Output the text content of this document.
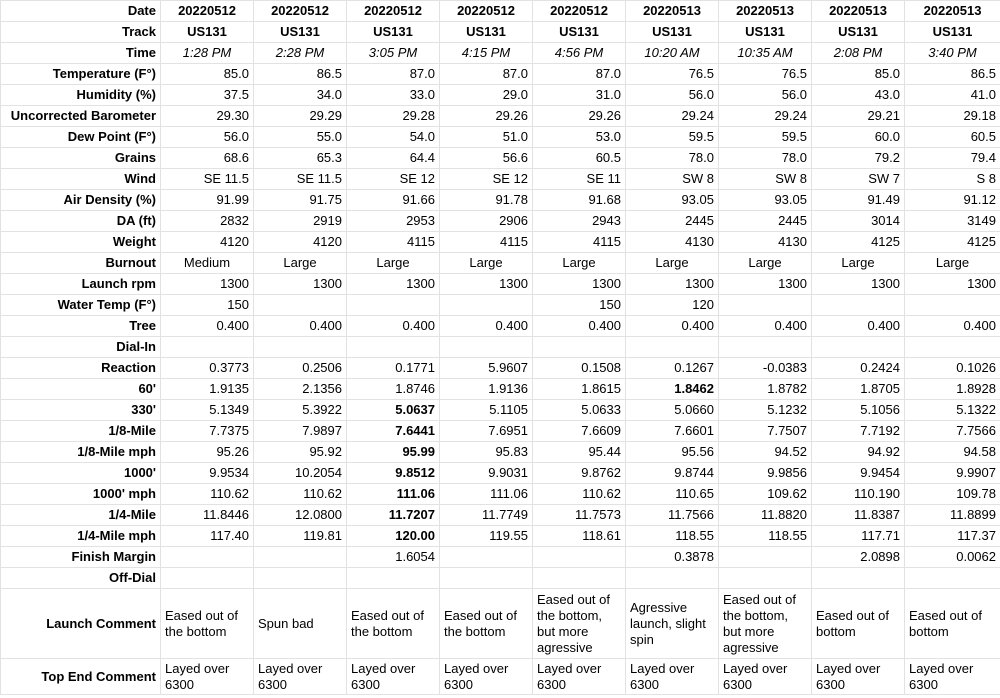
Date	20220512	20220512	20220512	20220512	20220512	20220513	20220513	20220513	20220513
Track	US131	US131	US131	US131	US131	US131	US131	US131	US131
Time	1:28 PM	2:28 PM	3:05 PM	4:15 PM	4:56 PM	10:20 AM	10:35 AM	2:08 PM	3:40 PM
Temperature (F°)	85.0	86.5	87.0	87.0	87.0	76.5	76.5	85.0	86.5
Humidity (%)	37.5	34.0	33.0	29.0	31.0	56.0	56.0	43.0	41.0
Uncorrected Barometer	29.30	29.29	29.28	29.26	29.26	29.24	29.24	29.21	29.18
Dew Point (F°)	56.0	55.0	54.0	51.0	53.0	59.5	59.5	60.0	60.5
Grains	68.6	65.3	64.4	56.6	60.5	78.0	78.0	79.2	79.4
Wind	SE 11.5	SE 11.5	SE 12	SE 12	SE 11	SW 8	SW 8	SW 7	S 8
Air Density (%)	91.99	91.75	91.66	91.78	91.68	93.05	93.05	91.49	91.12
DA (ft)	2832	2919	2953	2906	2943	2445	2445	3014	3149
Weight	4120	4120	4115	4115	4115	4130	4130	4125	4125
Burnout	Medium	Large	Large	Large	Large	Large	Large	Large	Large
Launch rpm	1300	1300	1300	1300	1300	1300	1300	1300	1300
Water Temp (F°)	150				150	120			
Tree	0.400	0.400	0.400	0.400	0.400	0.400	0.400	0.400	0.400
Dial-In									
Reaction	0.3773	0.2506	0.1771	5.9607	0.1508	0.1267	-0.0383	0.2424	0.1026
60'	1.9135	2.1356	1.8746	1.9136	1.8615	1.8462	1.8782	1.8705	1.8928
330'	5.1349	5.3922	5.0637	5.1105	5.0633	5.0660	5.1232	5.1056	5.1322
1/8-Mile	7.7375	7.9897	7.6441	7.6951	7.6609	7.6601	7.7507	7.7192	7.7566
1/8-Mile mph	95.26	95.92	95.99	95.83	95.44	95.56	94.52	94.92	94.58
1000'	9.9534	10.2054	9.8512	9.9031	9.8762	9.8744	9.9856	9.9454	9.9907
1000' mph	110.62	110.62	111.06	111.06	110.62	110.65	109.62	110.190	109.78
1/4-Mile	11.8446	12.0800	11.7207	11.7749	11.7573	11.7566	11.8820	11.8387	11.8899
1/4-Mile mph	117.40	119.81	120.00	119.55	118.61	118.55	118.55	117.71	117.37
Finish Margin			1.6054			0.3878		2.0898	0.0062
Off-Dial									
Launch Comment	Eased out of the bottom	Spun bad	Eased out of the bottom	Eased out of the bottom	Eased out of the bottom, but more agressive	Agressive launch, slight spin	Eased out of the bottom, but more agressive	Eased out of bottom	Eased out of bottom
Top End Comment	Layed over 6300	Layed over 6300	Layed over 6300	Layed over 6300	Layed over 6300	Layed over 6300	Layed over 6300	Layed over 6300	Layed over 6300
